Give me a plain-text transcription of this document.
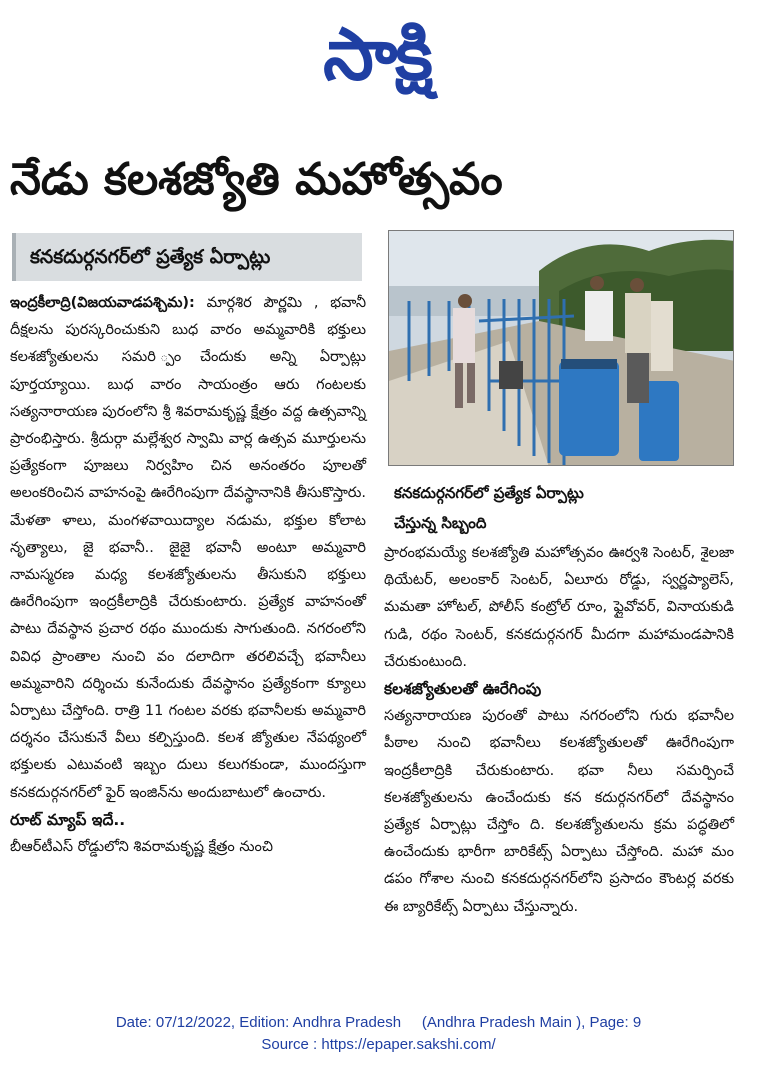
సాక్షి
నేడు కలశజ్యోతి మహోత్సవం
కనకదుర్గనగర్‌లో ప్రత్యేక ఏర్పాట్లు

ఇంద్రకీలాద్రి(విజయవాడపశ్చిమ): మార్గశిర పౌర్ణమి , భవానీ దీక్షలను పురస్కరించుకుని బుధ వారం అమ్మవారికి భక్తులు కలశజ్యోతులను సమరి ్పంచేందుకు అన్ని ఏర్పాట్లు పూర్తయ్యాయి. బుధ వారం సాయంత్రం ఆరు గంటలకు సత్యనారాయణ పురంలోని శ్రీ శివరామకృష్ణ క్షేత్రం వద్ద ఉత్సవాన్ని ప్రారంభిస్తారు. శ్రీదుర్గా మల్లేశ్వర స్వామి వార్ల ఉత్సవ మూర్తులను ప్రత్యేకంగా పూజలు నిర్వహిం చిన అనంతరం పూలతో అలంకరించిన వాహనంపై ఊరేగింపుగా దేవస్థానానికి తీసుకొస్తారు. మేళతా ళాలు, మంగళవాయిద్యాల నడుమ, భక్తుల కోలాట నృత్యాలు, జై భవానీ.. జైజై భవానీ అంటూ అమ్మవారి నామస్మరణ మధ్య కలశజ్యోతులను తీసుకుని భక్తులు ఊరేగింపుగా ఇంద్రకీలాద్రికి చేరుకుంటారు. ప్రత్యేక వాహనంతో పాటు దేవస్థాన ప్రచార రథం ముందుకు సాగుతుంది. నగరంలోని వివిధ ప్రాంతాల నుంచి వం దలాదిగా తరలివచ్చే భవానీలు అమ్మవారిని దర్శించు కునేందుకు దేవస్థానం ప్రత్యేకంగా క్యూలు ఏర్పాటు చేస్తోంది. రాత్రి 11 గంటల వరకు భవానీలకు అమ్మవారి దర్శనం చేసుకునే వీలు కల్పిస్తుంది. కలశ జ్యోతుల నేపథ్యంలో భక్తులకు ఎటువంటి ఇబ్బం దులు కలుగకుండా, ముందస్తుగా కనకదుర్గనగర్‌లో ఫైర్ ఇంజిన్‌ను అందుబాటులో ఉంచారు.

రూట్ మ్యాప్ ఇదే..

బీఆర్‌టీఎస్ రోడ్డులోని శివరామకృష్ణ క్షేత్రం నుంచి

కనకదుర్గనగర్‌లో ప్రత్యేక ఏర్పాట్లు

చేస్తున్న సిబ్బంది

ప్రారంభమయ్యే కలశజ్యోతి మహోత్సవం ఊర్వశి సెంటర్, శైలజా థియేటర్, అలంకార్ సెంటర్, ఏలూరు రోడ్డు, స్వర్ణప్యాలెస్, మమతా హోటల్, పోలీస్ కంట్రోల్ రూం, ఫ్లైవోవర్, వినాయకుడి గుడి, రథం సెంటర్, కనకదుర్గనగర్ మీదగా మహామండపానికి చేరుకుంటుంది.

కలశజ్యోతులతో ఊరేగింపు

సత్యనారాయణ పురంతో పాటు నగరంలోని గురు భవానీల పీఠాల నుంచి భవానీలు కలశజ్యోతులతో ఊరేగింపుగా ఇంద్రకీలాద్రికి చేరుకుంటారు. భవా నీలు సమర్పించే కలశజ్యోతులను ఉంచేందుకు కన కదుర్గనగర్‌లో దేవస్థానం ప్రత్యేక ఏర్పాట్లు చేస్తోం ది. కలశజ్యోతులను క్రమ పద్ధతిలో ఉంచేందుకు భారీగా బారికేట్స్ ఏర్పాటు చేస్తోంది. మహా మం డపం గోశాల నుంచి కనకదుర్గనగర్‌లోని ప్రసాదం కౌంటర్ల వరకు ఈ బ్యారికేట్స్ ఏర్పాటు చేస్తున్నారు.

Date: 07/12/2022, Edition: Andhra Pradesh     (Andhra Pradesh Main ), Page: 9
Source : https://epaper.sakshi.com/
